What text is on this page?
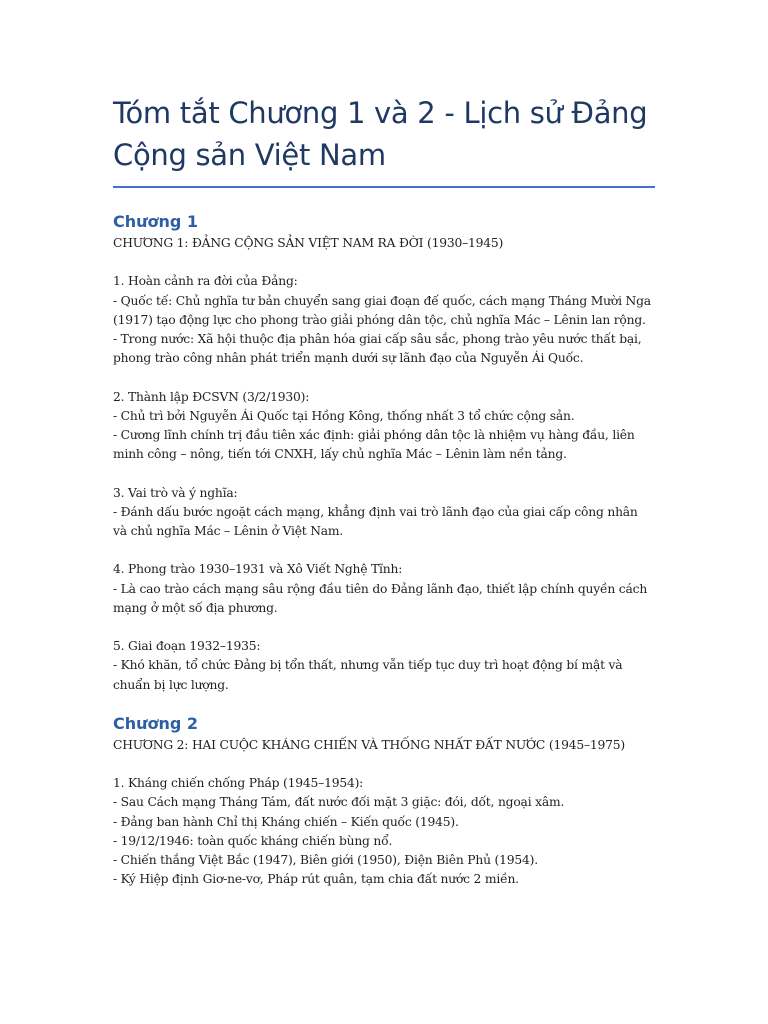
Tóm tắt Chương 1 và 2 - Lịch sử Đảng Cộng sản Việt Nam
Chương 1

CHƯƠNG 1: ĐẢNG CỘNG SẢN VIỆT NAM RA ĐỜI (1930–1945)

1. Hoàn cảnh ra đời của Đảng:
- Quốc tế: Chủ nghĩa tư bản chuyển sang giai đoạn đế quốc, cách mạng Tháng Mười Nga (1917) tạo động lực cho phong trào giải phóng dân tộc, chủ nghĩa Mác – Lênin lan rộng.
- Trong nước: Xã hội thuộc địa phân hóa giai cấp sâu sắc, phong trào yêu nước thất bại, phong trào công nhân phát triển mạnh dưới sự lãnh đạo của Nguyễn Ái Quốc.

2. Thành lập ĐCSVN (3/2/1930):
- Chủ trì bởi Nguyễn Ái Quốc tại Hồng Kông, thống nhất 3 tổ chức cộng sản.
- Cương lĩnh chính trị đầu tiên xác định: giải phóng dân tộc là nhiệm vụ hàng đầu, liên minh công – nông, tiến tới CNXH, lấy chủ nghĩa Mác – Lênin làm nền tảng.

3. Vai trò và ý nghĩa:
- Đánh dấu bước ngoặt cách mạng, khẳng định vai trò lãnh đạo của giai cấp công nhân và chủ nghĩa Mác – Lênin ở Việt Nam.

4. Phong trào 1930–1931 và Xô Viết Nghệ Tĩnh:
- Là cao trào cách mạng sâu rộng đầu tiên do Đảng lãnh đạo, thiết lập chính quyền cách mạng ở một số địa phương.

5. Giai đoạn 1932–1935:
- Khó khăn, tổ chức Đảng bị tổn thất, nhưng vẫn tiếp tục duy trì hoạt động bí mật và chuẩn bị lực lượng.

Chương 2

CHƯƠNG 2: HAI CUỘC KHÁNG CHIẾN VÀ THỐNG NHẤT ĐẤT NƯỚC (1945–1975)

1. Kháng chiến chống Pháp (1945–1954):
- Sau Cách mạng Tháng Tám, đất nước đối mặt 3 giặc: đói, dốt, ngoại xâm.
- Đảng ban hành Chỉ thị Kháng chiến – Kiến quốc (1945).
- 19/12/1946: toàn quốc kháng chiến bùng nổ.
- Chiến thắng Việt Bắc (1947), Biên giới (1950), Điện Biên Phủ (1954).
- Ký Hiệp định Giơ-ne-vơ, Pháp rút quân, tạm chia đất nước 2 miền.
